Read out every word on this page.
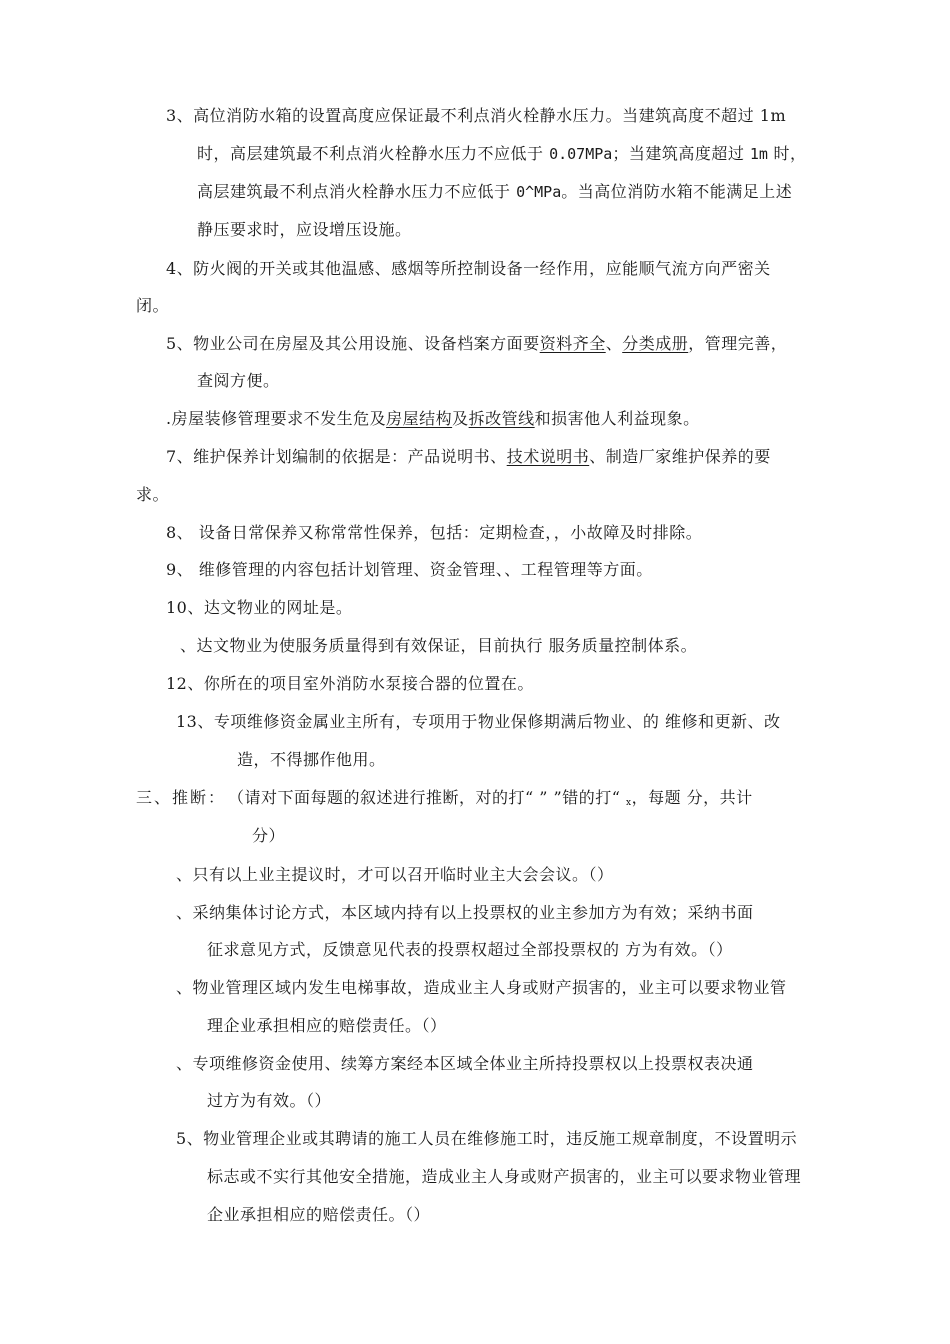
3、高位消防水箱的设置高度应保证最不利点消火栓静水压力。当建筑高度不超过 1m
时，高层建筑最不利点消火栓静水压力不应低于 0.07MPa；当建筑高度超过 1m 时，
高层建筑最不利点消火栓静水压力不应低于 0^MPa。当高位消防水箱不能满足上述
静压要求时，应设增压设施。
4、防火阀的开关或其他温感、感烟等所控制设备一经作用，应能顺气流方向严密关
闭。
5、物业公司在房屋及其公用设施、设备档案方面要资料齐全、分类成册，管理完善，
查阅方便。
.房屋装修管理要求不发生危及房屋结构及拆改管线和损害他人利益现象。
7、维护保养计划编制的依据是：产品说明书、技术说明书、制造厂家维护保养的要
求。
8、 设备日常保养又称常常性保养，包括：定期检查，，小故障及时排除。
9、 维修管理的内容包括计划管理、资金管理、、工程管理等方面。
10、达文物业的网址是。
、达文物业为使服务质量得到有效保证，目前执行 服务质量控制体系。
12、你所在的项目室外消防水泵接合器的位置在。
13、专项维修资金属业主所有，专项用于物业保修期满后物业、的 维修和更新、改
造，不得挪作他用。
三、推断： （请对下面每题的叙述进行推断，对的打“ ” ”错的打“ x，每题 分，共计
分）
、只有以上业主提议时，才可以召开临时业主大会会议。（）
、采纳集体讨论方式，本区域内持有以上投票权的业主参加方为有效；采纳书面
征求意见方式，反馈意见代表的投票权超过全部投票权的 方为有效。（）
、物业管理区域内发生电梯事故，造成业主人身或财产损害的，业主可以要求物业管
理企业承担相应的赔偿责任。（）
、专项维修资金使用、续筹方案经本区域全体业主所持投票权以上投票权表决通
过方为有效。（）
5、物业管理企业或其聘请的施工人员在维修施工时，违反施工规章制度，不设置明示
标志或不实行其他安全措施，造成业主人身或财产损害的，业主可以要求物业管理
企业承担相应的赔偿责任。（）
